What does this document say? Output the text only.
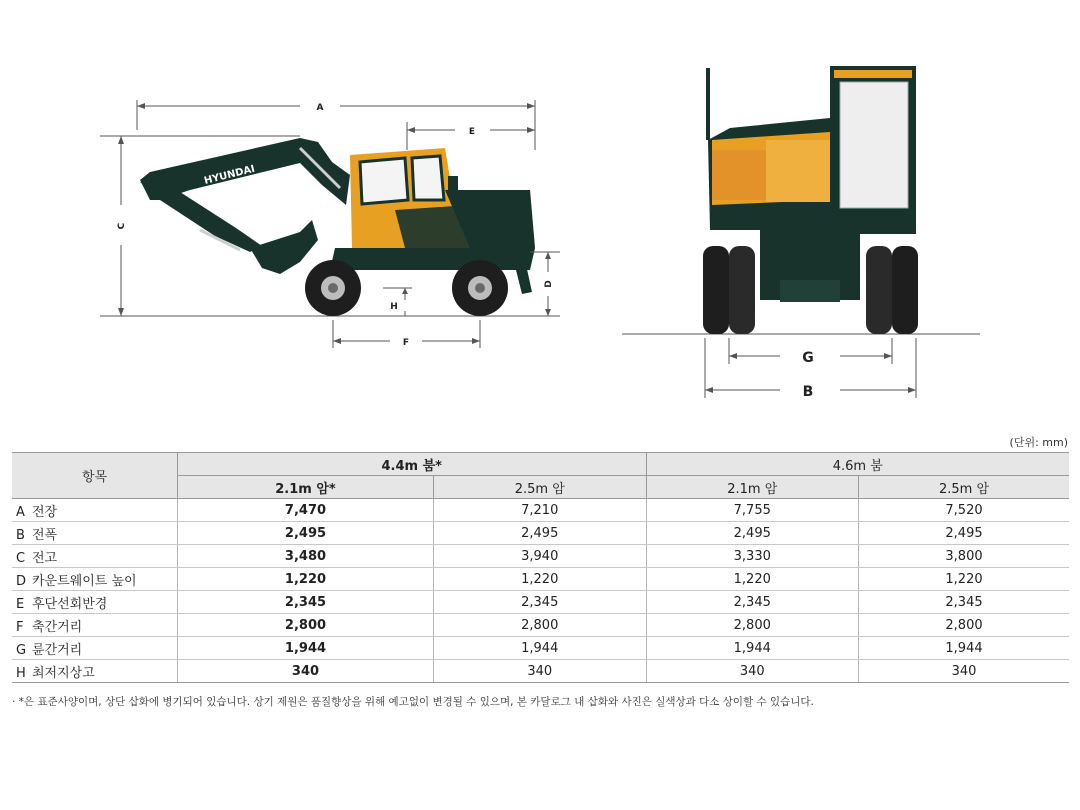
HYUNDAI
A
E
C
D
H
F
G
B
(단위: mm)
항목	4.4m 붐*		4.6m 붐	
	2.1m 암*	2.5m 암	2.1m 암	2.5m 암
A 전장	7,470	7,210	7,755	7,520
B 전폭	2,495	2,495	2,495	2,495
C 전고	3,480	3,940	3,330	3,800
D 카운트웨이트 높이	1,220	1,220	1,220	1,220
E 후단선회반경	2,345	2,345	2,345	2,345
F 축간거리	2,800	2,800	2,800	2,800
G 륜간거리	1,944	1,944	1,944	1,944
H 최저지상고	340	340	340	340
· *은 표준사양이며, 상단 삽화에 병기되어 있습니다. 상기 제원은 품질향상을 위해 예고없이 변경될 수 있으며, 본 카달로그 내 삽화와 사진은 실색상과 다소 상이할 수 있습니다.
